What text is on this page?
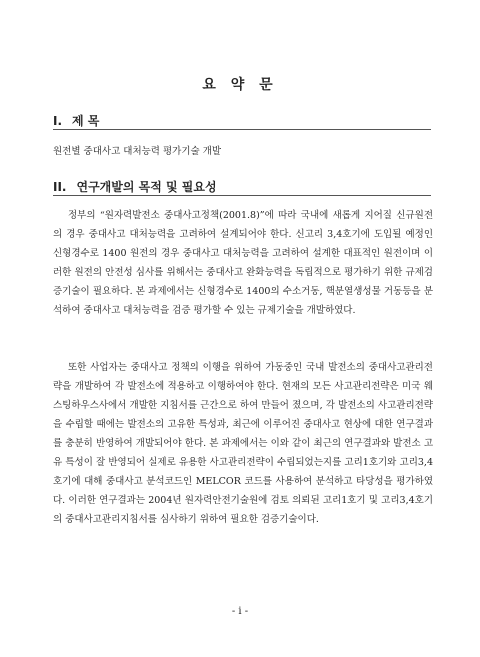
요 약 문
I. 제 목
원전별 중대사고 대처능력 평가기술 개발
II. 연구개발의 목적 및 필요성

정부의 “원자력발전소 중대사고정책(2001.8)”에 따라 국내에 새롭게 지어질 신규원전의 경우 중대사고 대처능력을 고려하여 설계되어야 한다. 신고리 3,4호기에 도입될 예정인 신형경수로 1400 원전의 경우 중대사고 대처능력을 고려하여 설계한 대표적인 원전이며 이러한 원전의 안전성 심사를 위해서는 중대사고 완화능력을 독립적으로 평가하기 위한 규제검증기술이 필요하다. 본 과제에서는 신형경수로 1400의 수소거동, 핵분열생성물 거동등을 분석하여 중대사고 대처능력을 검증 평가할 수 있는 규제기술을 개발하였다.

또한 사업자는 중대사고 정책의 이행을 위하여 가동중인 국내 발전소의 중대사고관리전략을 개발하여 각 발전소에 적용하고 이행하여야 한다. 현재의 모든 사고관리전략은 미국 웨스팅하우스사에서 개발한 지침서를 근간으로 하여 만들어 졌으며, 각 발전소의 사고관리전략을 수립할 때에는 발전소의 고유한 특성과, 최근에 이루어진 중대사고 현상에 대한 연구결과를 충분히 반영하여 개발되어야 한다. 본 과제에서는 이와 같이 최근의 연구결과와 발전소 고유 특성이 잘 반영되어 실제로 유용한 사고관리전략이 수립되었는지를 고리1호기와 고리3,4호기에 대해 중대사고 분석코드인 MELCOR 코드를 사용하여 분석하고 타당성을 평가하였다. 이러한 연구결과는 2004년 원자력안전기술원에 검토 의뢰된 고리1호기 및 고리3,4호기의 중대사고관리지침서를 심사하기 위하여 필요한 검증기술이다.

- i -
